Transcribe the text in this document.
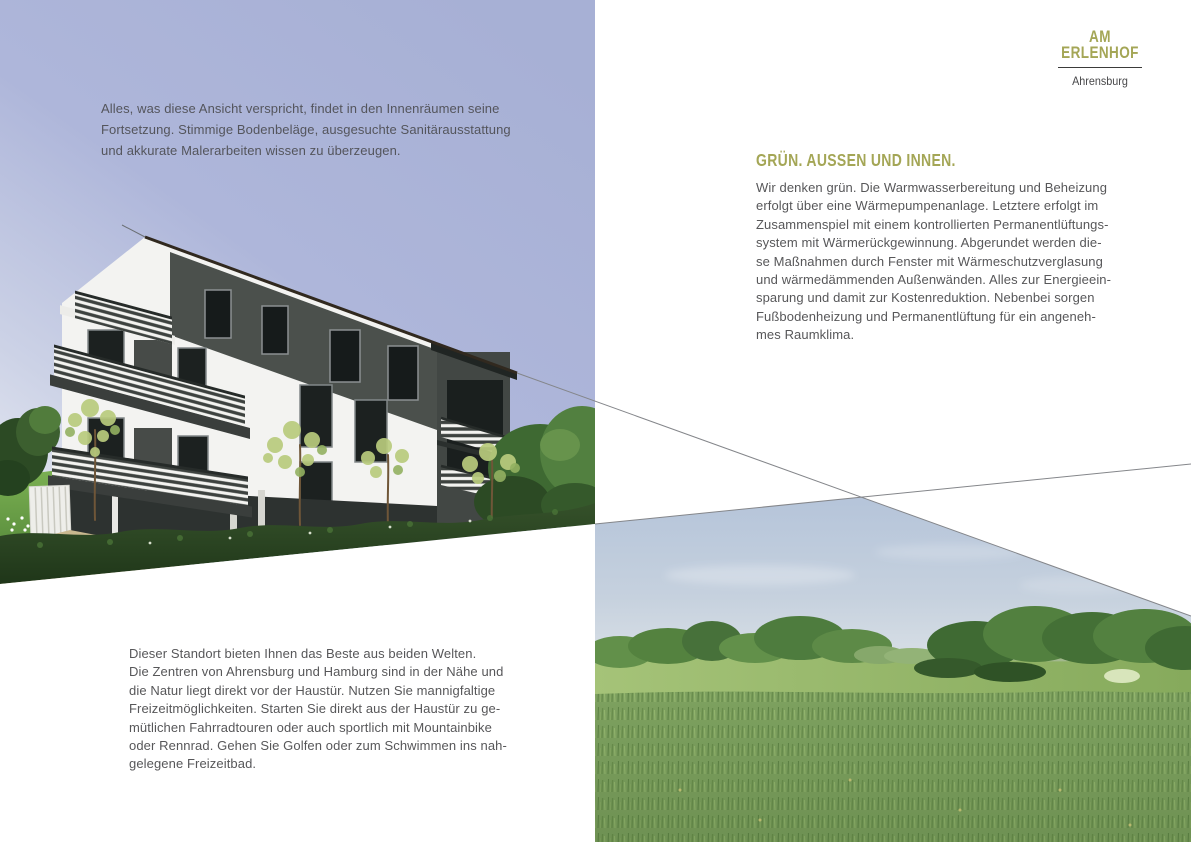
Alles, was diese Ansicht verspricht, findet in den Innenräumen seine
Fortsetzung. Stimmige Bodenbeläge, ausgesuchte Sanitärausstattung
und akkurate Malerarbeiten wissen zu überzeugen.	GRÜN. AUSSEN UND INNEN.
Wir denken grün. Die Warmwasserbereitung und Beheizung
erfolgt über eine Wärmepumpenanlage. Letztere erfolgt im
Zusammenspiel mit einem kontrollierten Permanentlüftungs-
system mit Wärmerückgewinnung. Abgerundet werden die-
se Maßnahmen durch Fenster mit Wärmeschutzverglasung
und wärmedämmenden Außenwänden. Alles zur Energieein-
sparung und damit zur Kostenreduktion. Nebenbei sorgen
Fußbodenheizung und Permanentlüftung für ein angeneh-
mes Raumklima.
Dieser Standort bieten Ihnen das Beste aus beiden Welten.
Die Zentren von Ahrensburg und Hamburg sind in der Nähe und
die Natur liegt direkt vor der Haustür. Nutzen Sie mannigfaltige
Freizeitmöglichkeiten. Starten Sie direkt aus der Haustür zu ge-
mütlichen Fahrradtouren oder auch sportlich mit Mountainbike
oder Rennrad. Gehen Sie Golfen oder zum Schwimmen ins nah-
gelegene Freizeitbad.
AM
ERLENHOF
Ahrensburg
